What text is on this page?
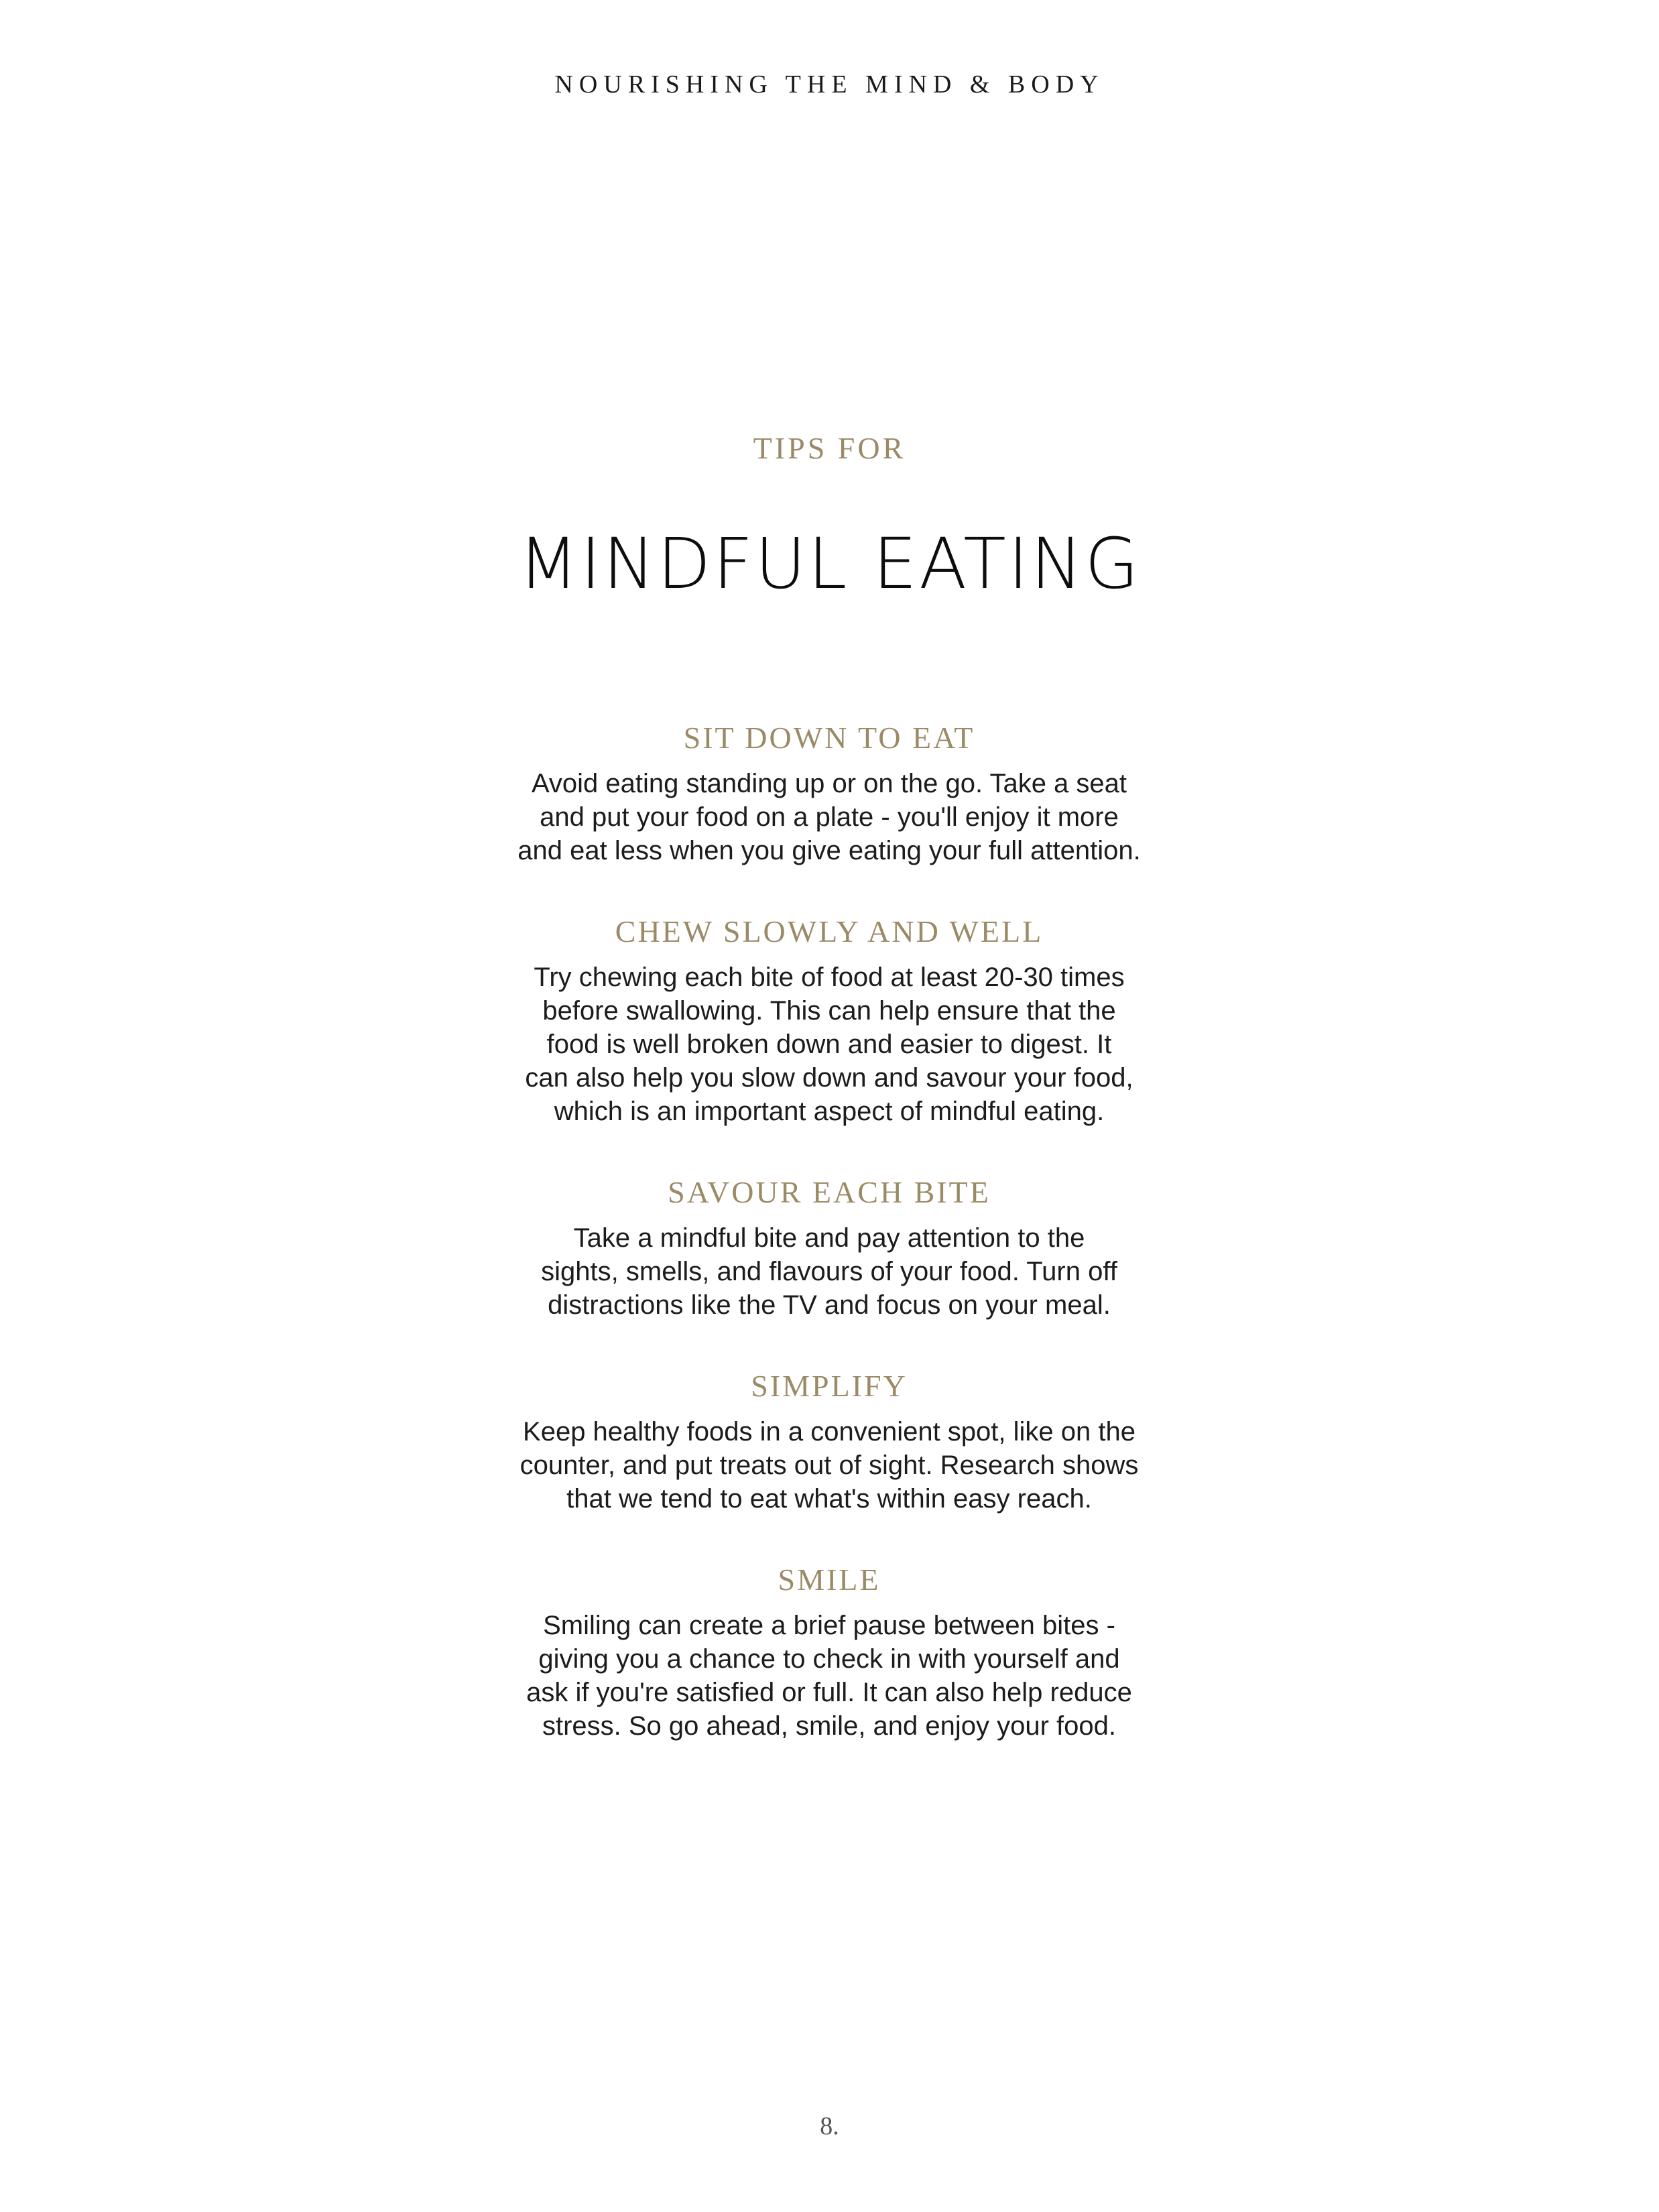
NOURISHING THE MIND & BODY
TIPS FOR
MINDFUL EATING
SIT DOWN TO EAT
Avoid eating standing up or on the go. Take a seat
and put your food on a plate - you'll enjoy it more
and eat less when you give eating your full attention.
CHEW SLOWLY AND WELL
Try chewing each bite of food at least 20-30 times
before swallowing. This can help ensure that the
food is well broken down and easier to digest. It
can also help you slow down and savour your food,
which is an important aspect of mindful eating.
SAVOUR EACH BITE
Take a mindful bite and pay attention to the
sights, smells, and flavours of your food. Turn off
distractions like the TV and focus on your meal.
SIMPLIFY
Keep healthy foods in a convenient spot, like on the
counter, and put treats out of sight. Research shows
that we tend to eat what's within easy reach.
SMILE
Smiling can create a brief pause between bites -
giving you a chance to check in with yourself and
ask if you're satisfied or full. It can also help reduce
stress. So go ahead, smile, and enjoy your food.
8.
